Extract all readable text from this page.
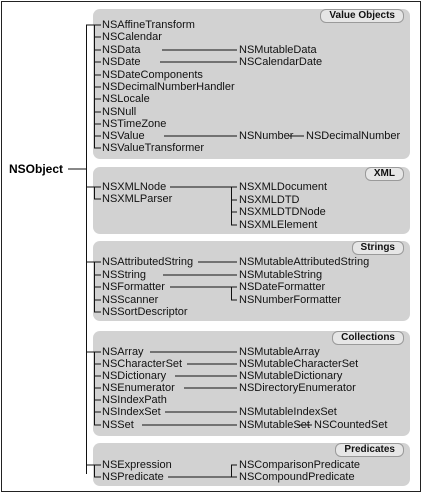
Value Objects
XML
Strings
Collections
Predicates
NSObject
NSAffineTransform
NSCalendar
NSData
NSDate
NSDateComponents
NSDecimalNumberHandler
NSLocale
NSNull
NSTimeZone
NSValue
NSValueTransformer
NSMutableData
NSCalendarDate
NSNumber NSDecimalNumber
NSXMLNode
NSXMLParser
NSXMLDocument
NSXMLDTD
NSXMLDTDNode
NSXMLElement
NSAttributedString
NSString
NSFormatter
NSScanner
NSSortDescriptor
NSMutableAttributedString
NSMutableString
NSDateFormatter
NSNumberFormatter
NSArray
NSCharacterSet
NSDictionary
NSEnumerator
NSIndexPath
NSIndexSet
NSSet
NSMutableArray
NSMutableCharacterSet
NSMutableDictionary
NSDirectoryEnumerator
NSMutableIndexSet
NSMutableSet NSCountedSet
NSExpression
NSPredicate
NSComparisonPredicate
NSCompoundPredicate
